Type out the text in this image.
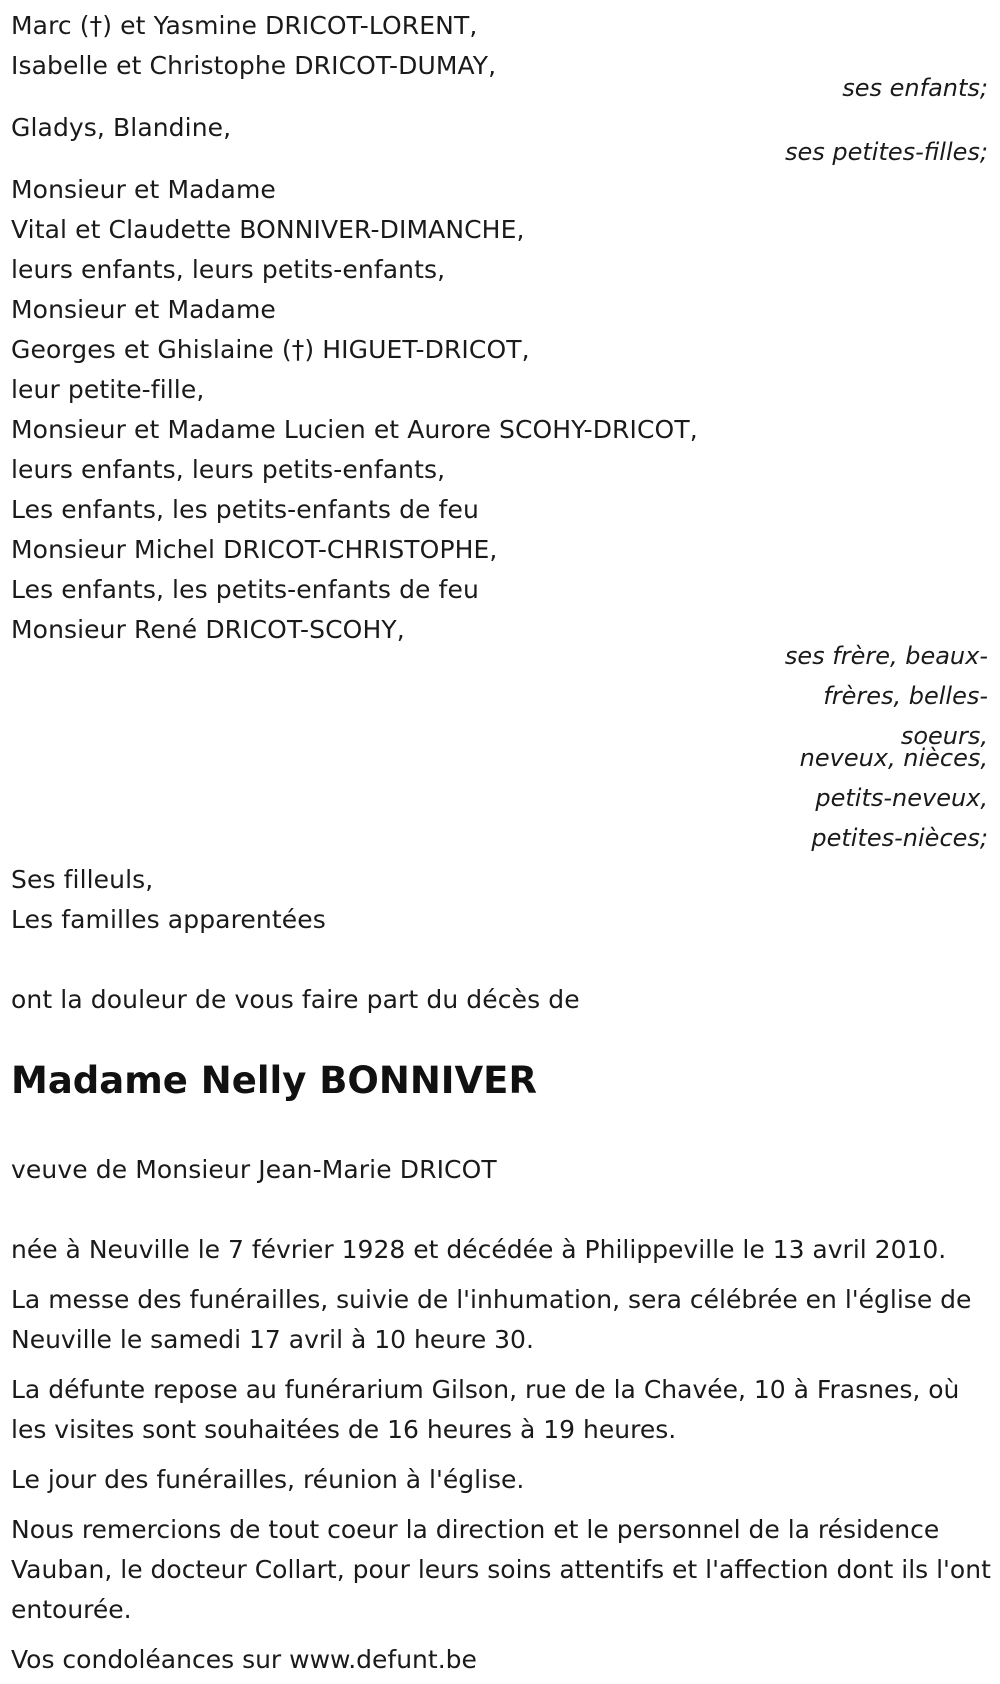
Marc (†) et Yasmine DRICOT-LORENT,
Isabelle et Christophe DRICOT-DUMAY,
ses enfants;
Gladys, Blandine,
ses petites-filles;
Monsieur et Madame
Vital et Claudette BONNIVER-DIMANCHE,
leurs enfants, leurs petits-enfants,
Monsieur et Madame
Georges et Ghislaine (†) HIGUET-DRICOT,
leur petite-fille,
Monsieur et Madame Lucien et Aurore SCOHY-DRICOT,
leurs enfants, leurs petits-enfants,
Les enfants, les petits-enfants de feu
Monsieur Michel DRICOT-CHRISTOPHE,
Les enfants, les petits-enfants de feu
Monsieur René DRICOT-SCOHY,
ses frère, beaux-
frères, belles-
soeurs,
neveux, nièces,
petits-neveux,
petites-nièces;
Ses filleuls,
Les familles apparentées
ont la douleur de vous faire part du décès de
Madame Nelly BONNIVER
veuve de Monsieur Jean-Marie DRICOT
née à Neuville le 7 février 1928 et décédée à Philippeville le 13 avril 2010.
La messe des funérailles, suivie de l'inhumation, sera célébrée en l'église de Neuville le samedi 17 avril à 10 heure 30.
La défunte repose au funérarium Gilson, rue de la Chavée, 10 à Frasnes, où les visites sont souhaitées de 16 heures à 19 heures.
Le jour des funérailles, réunion à l'église.
Nous remercions de tout coeur la direction et le personnel de la résidence Vauban, le docteur Collart, pour leurs soins attentifs et l'affection dont ils l'ont entourée.
Vos condoléances sur www.defunt.be
